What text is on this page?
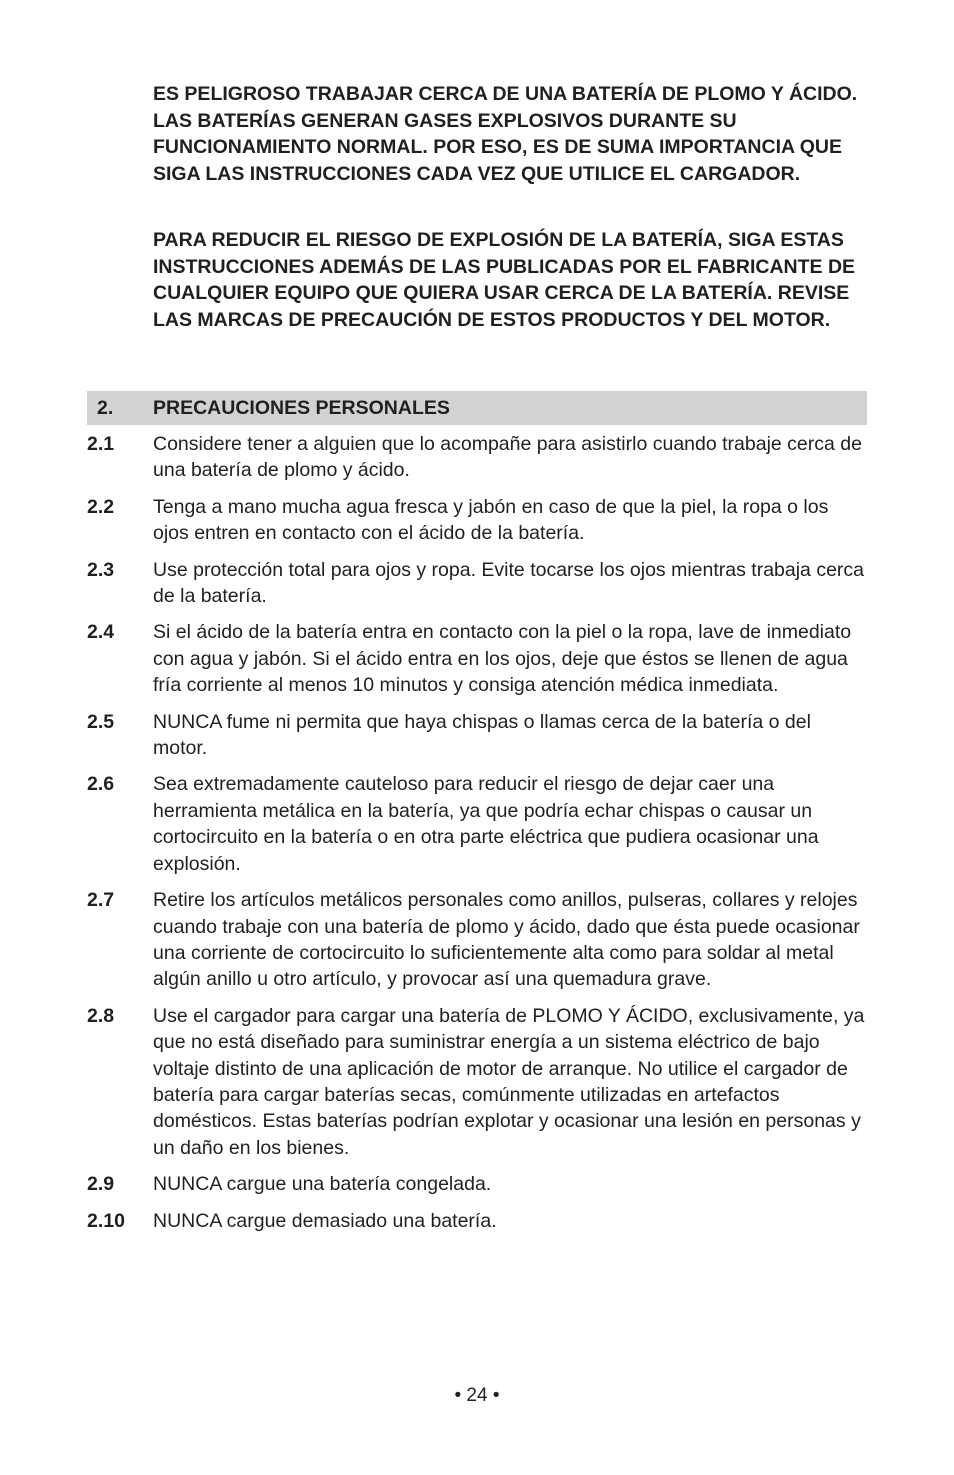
ES PELIGROSO TRABAJAR CERCA DE UNA BATERÍA DE PLOMO Y ÁCIDO. LAS BATERÍAS GENERAN GASES EXPLOSIVOS DURANTE SU FUNCIONAMIENTO NORMAL. POR ESO, ES DE SUMA IMPORTANCIA QUE SIGA LAS INSTRUCCIONES CADA VEZ QUE UTILICE EL CARGADOR.

PARA REDUCIR EL RIESGO DE EXPLOSIÓN DE LA BATERÍA, SIGA ESTAS INSTRUCCIONES ADEMÁS DE LAS PUBLICADAS POR EL FABRICANTE DE CUALQUIER EQUIPO QUE QUIERA USAR CERCA DE LA BATERÍA. REVISE LAS MARCAS DE PRECAUCIÓN DE ESTOS PRODUCTOS Y DEL MOTOR.

2. PRECAUCIONES PERSONALES
2.1	Considere tener a alguien que lo acompañe para asistirlo cuando trabaje cerca de una batería de plomo y ácido.

2.2	Tenga a mano mucha agua fresca y jabón en caso de que la piel, la ropa o los ojos entren en contacto con el ácido de la batería.

2.3	Use protección total para ojos y ropa. Evite tocarse los ojos mientras trabaja cerca de la batería.

2.4	Si el ácido de la batería entra en contacto con la piel o la ropa, lave de inmediato con agua y jabón. Si el ácido entra en los ojos, deje que éstos se llenen de agua fría corriente al menos 10 minutos y consiga atención médica inmediata.

2.5	NUNCA fume ni permita que haya chispas o llamas cerca de la batería o del motor.

2.6	Sea extremadamente cauteloso para reducir el riesgo de dejar caer una herramienta metálica en la batería, ya que podría echar chispas o causar un cortocircuito en la batería o en otra parte eléctrica que pudiera ocasionar una explosión.

2.7	Retire los artículos metálicos personales como anillos, pulseras, collares y relojes cuando trabaje con una batería de plomo y ácido, dado que ésta puede ocasionar una corriente de cortocircuito lo suficientemente alta como para soldar al metal algún anillo u otro artículo, y provocar así una quemadura grave.

2.8	Use el cargador para cargar una batería de PLOMO Y ÁCIDO, exclusivamente, ya que no está diseñado para suministrar energía a un sistema eléctrico de bajo voltaje distinto de una aplicación de motor de arranque. No utilice el cargador de batería para cargar baterías secas, comúnmente utilizadas en artefactos domésticos. Estas baterías podrían explotar y ocasionar una lesión en personas y un daño en los bienes.

2.9	NUNCA cargue una batería congelada.

2.10	NUNCA cargue demasiado una batería.

• 24 •
